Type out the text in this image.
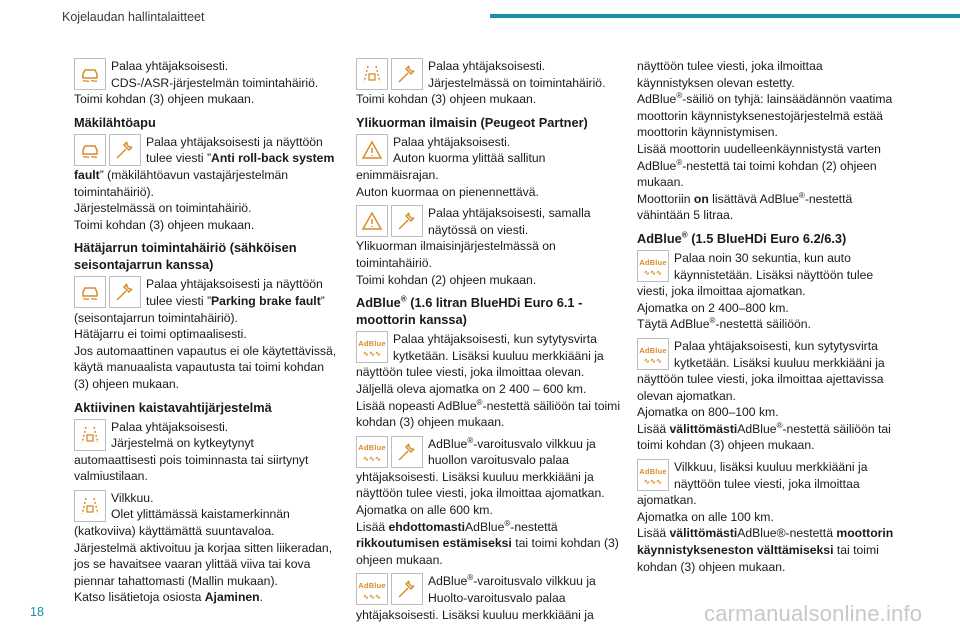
Kojelaudan hallintalaitteet
Palaa yhtäjaksoisesti.
CDS-/ASR-järjestelmän toimintahäiriö.
Toimi kohdan (3) ohjeen mukaan.
Mäkilähtöapu
Palaa yhtäjaksoisesti ja näyttöön tulee viesti ”Anti roll-back system fault” (mäkilähtöavun vastajärjestelmän toimintahäiriö).
Järjestelmässä on toimintahäiriö.
Toimi kohdan (3) ohjeen mukaan.
Hätäjarrun toimintahäiriö (sähköisen seisontajarrun kanssa)
Palaa yhtäjaksoisesti ja näyttöön tulee viesti ”Parking brake fault” (seisontajarrun toimintahäiriö).
Hätäjarru ei toimi optimaalisesti.
Jos automaattinen vapautus ei ole käytettävissä, käytä manuaalista vapautusta tai toimi kohdan (3) ohjeen mukaan.
Aktiivinen kaistavahtijärjestelmä
Palaa yhtäjaksoisesti.
Järjestelmä on kytkeytynyt automaattisesti pois toiminnasta tai siirtynyt valmiustilaan.
Vilkkuu.
Olet ylittämässä kaistamerkinnän (katkoviiva) käyttämättä suuntavaloa.
Järjestelmä aktivoituu ja korjaa sitten liikeradan, jos se havaitsee vaaran ylittää viiva tai kova piennar tahattomasti (Mallin mukaan).
Katso lisätietoja osiosta Ajaminen.
Palaa yhtäjaksoisesti.
Järjestelmässä on toimintahäiriö.
Toimi kohdan (3) ohjeen mukaan.
Ylikuorman ilmaisin (Peugeot Partner)
Palaa yhtäjaksoisesti.
Auton kuorma ylittää sallitun enimmäisrajan.
Auton kuormaa on pienennettävä.
Palaa yhtäjaksoisesti, samalla näytössä on viesti.
Ylikuorman ilmaisinjärjestelmässä on toimintahäiriö.
Toimi kohdan (2) ohjeen mukaan.
AdBlue® (1.6 litran BlueHDi Euro 6.1 -moottorin kanssa)
AdBlue
∿∿∿
Palaa yhtäjaksoisesti, kun sytytysvirta kytketään. Lisäksi kuuluu merkkiääni ja näyttöön tulee viesti, joka ilmoittaa olevan.
Jäljellä oleva ajomatka on 2 400 – 600 km.
Lisää nopeasti AdBlue®-nestettä säiliöön tai toimi kohdan (3) ohjeen mukaan.
AdBlue
∿∿∿
AdBlue®-varoitusvalo vilkkuu ja huollon varoitusvalo palaa yhtäjaksoisesti. Lisäksi kuuluu merkkiääni ja näyttöön tulee viesti, joka ilmoittaa ajomatkan.
Ajomatka on alle 600 km.
Lisää ehdottomastiAdBlue®-nestettä rikkoutumisen estämiseksi tai toimi kohdan (3) ohjeen mukaan.
AdBlue
∿∿∿
AdBlue®-varoitusvalo vilkkuu ja Huolto-varoitusvalo palaa yhtäjaksoisesti. Lisäksi kuuluu merkkiääni ja
näyttöön tulee viesti, joka ilmoittaa käynnistyksen olevan estetty.
AdBlue®-säiliö on tyhjä: lainsäädännön vaatima moottorin käynnistyksenestojärjestelmä estää moottorin käynnistymisen.
Lisää moottorin uudelleenkäynnistystä varten AdBlue®-nestettä tai toimi kohdan (2) ohjeen mukaan.
Moottoriin on lisättävä AdBlue®-nestettä vähintään 5 litraa.
AdBlue® (1.5 BlueHDi Euro 6.2/6.3)
AdBlue
∿∿∿
Palaa noin 30 sekuntia, kun auto käynnistetään. Lisäksi näyttöön tulee viesti, joka ilmoittaa ajomatkan.
Ajomatka on 2 400–800 km.
Täytä AdBlue®-nestettä säiliöön.
AdBlue
∿∿∿
Palaa yhtäjaksoisesti, kun sytytysvirta kytketään. Lisäksi kuuluu merkkiääni ja näyttöön tulee viesti, joka ilmoittaa ajettavissa olevan ajomatkan.
Ajomatka on 800–100 km.
Lisää välittömästiAdBlue®-nestettä säiliöön tai toimi kohdan (3) ohjeen mukaan.
AdBlue
∿∿∿
Vilkkuu, lisäksi kuuluu merkkiääni ja näyttöön tulee viesti, joka ilmoittaa ajomatkan.
Ajomatka on alle 100 km.
Lisää välittömästiAdBlue®-nestettä moottorin käynnistykseneston välttämiseksi tai toimi kohdan (3) ohjeen mukaan.
18	carmanualsonline.info
